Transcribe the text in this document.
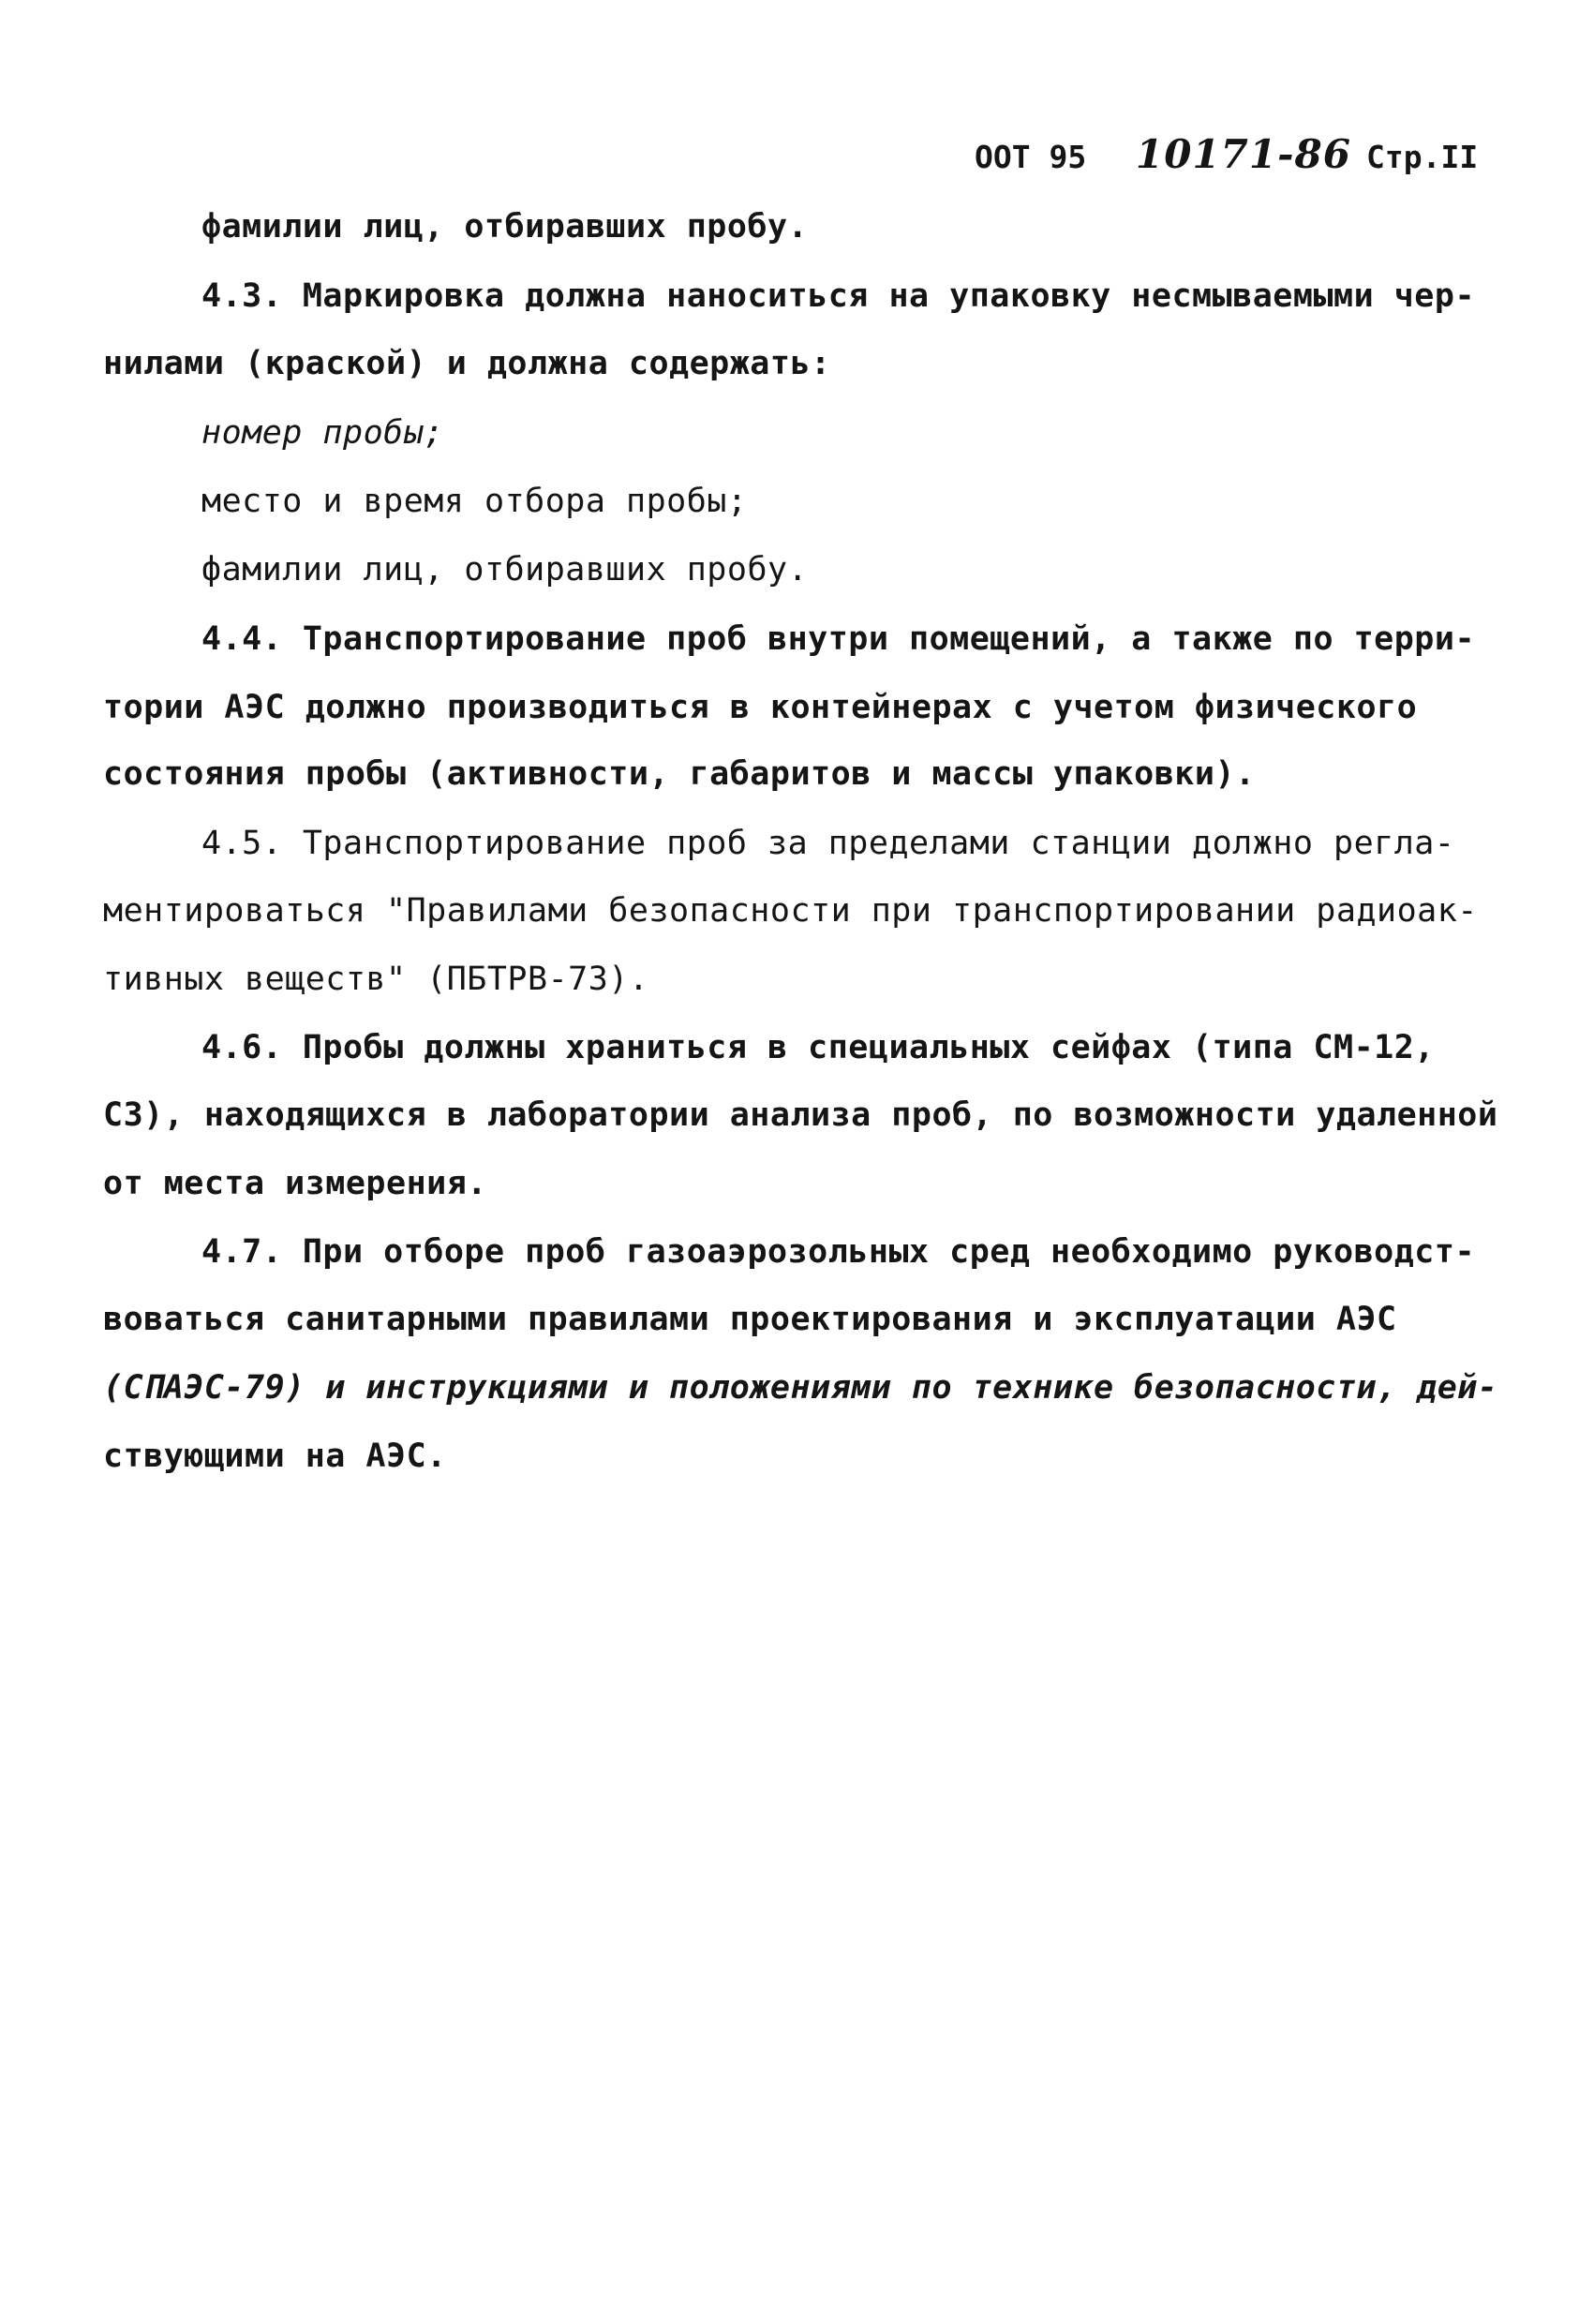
ООТ 95 10171-86 Стр.II
фамилии лиц, отбиравших пробу.
4.3. Маркировка должна наноситься на упаковку несмываемыми чер-
нилами (краской) и должна содержать:
номер пробы;
место и время отбора пробы;
фамилии лиц, отбиравших пробу.
4.4. Транспортирование проб внутри помещений, а также по терри-
тории АЭС должно производиться в контейнерах с учетом физического
состояния пробы (активности, габаритов и массы упаковки).
4.5. Транспортирование проб за пределами станции должно регла-
ментироваться "Правилами безопасности при транспортировании радиоак-
тивных веществ" (ПБТРВ-73).
4.6. Пробы должны храниться в специальных сейфах (типа СМ-12,
С3), находящихся в лаборатории анализа проб, по возможности удаленной
от места измерения.
4.7. При отборе проб газоаэрозольных сред необходимо руководст-
воваться санитарными правилами проектирования и эксплуатации АЭС
(СПАЭС-79) и инструкциями и положениями по технике безопасности, дей-
ствующими на АЭС.
